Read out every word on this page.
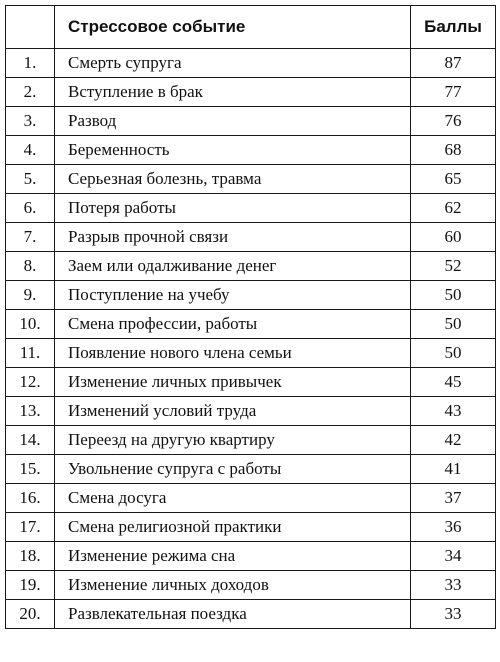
	Стрессовое событие	Баллы
1.	Смерть супруга	87
2.	Вступление в брак	77
3.	Развод	76
4.	Беременность	68
5.	Серьезная болезнь, травма	65
6.	Потеря работы	62
7.	Разрыв прочной связи	60
8.	Заем или одалживание денег	52
9.	Поступление на учебу	50
10.	Смена профессии, работы	50
11.	Появление нового члена семьи	50
12.	Изменение личных привычек	45
13.	Изменений условий труда	43
14.	Переезд на другую квартиру	42
15.	Увольнение супруга с работы	41
16.	Смена досуга	37
17.	Смена религиозной практики	36
18.	Изменение режима сна	34
19.	Изменение личных доходов	33
20.	Развлекательная поездка	33
